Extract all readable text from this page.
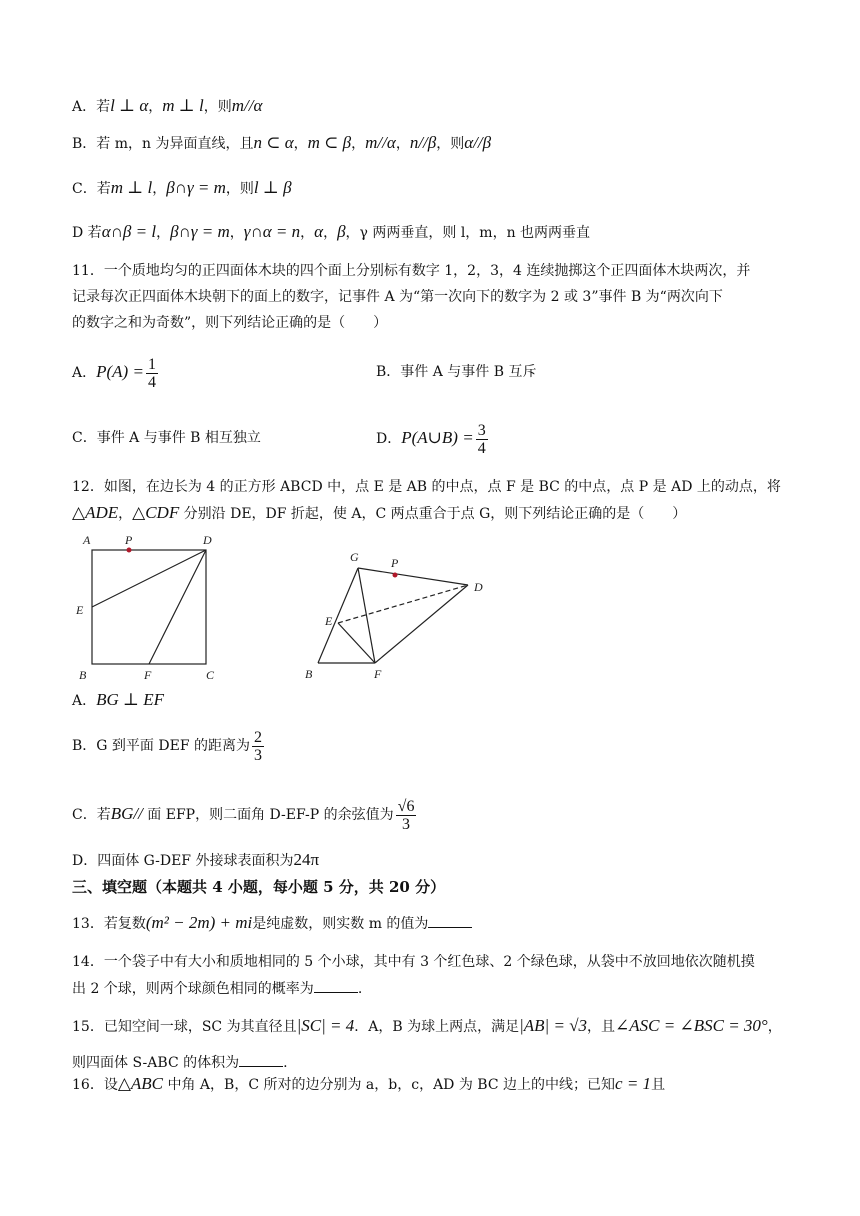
A．若l ⊥ α，m ⊥ l，则m//α
B．若 m，n 为异面直线，且n ⊂ α，m ⊂ β，m//α，n//β，则α//β
C．若m ⊥ l，β∩γ = m，则l ⊥ β
D 若α∩β = l，β∩γ = m，γ∩α = n，α，β，γ 两两垂直，则 l，m，n 也两两垂直
11．一个质地均匀的正四面体木块的四个面上分别标有数字 1，2，3，4 连续抛掷这个正四面体木块两次，并
记录每次正四面体木块朝下的面上的数字，记事件 A 为“第一次向下的数字为 2 或 3”事件 B 为“两次向下
的数字之和为奇数”，则下列结论正确的是（　　）
A．$P(A) = \frac{1}{4}$	B．事件 A 与事件 B 互斥
C．事件 A 与事件 B 相互独立	D．P(A∪B) = $\frac{3}{4}$
12．如图，在边长为 4 的正方形 ABCD 中，点 E 是 AB 的中点，点 F 是 BC 的中点，点 P 是 AD 上的动点，将
△ADE，△CDF 分别沿 DE，DF 折起，使 A，C 两点重合于点 G，则下列结论正确的是（　　）
A	P	D
E
B	F	C
G	P
D
E
B	F
A．BG ⊥ EF
B．G 到平面 DEF 的距离为 $\frac{2}{3}$
C．若BG// 面 EFP，则二面角 D-EF-P 的余弦值为 $\frac{√6}{3}$
D．四面体 G-DEF 外接球表面积为24π
三、填空题（本题共 4 小题，每小题 5 分，共 20 分）
13．若复数(m² − 2m) + mi是纯虚数，则实数 m 的值为
14．一个袋子中有大小和质地相同的 5 个小球，其中有 3 个红色球、2 个绿色球，从袋中不放回地依次随机摸
出 2 个球，则两个球颜色相同的概率为	.
15．已知空间一球，SC 为其直径且|SC| = 4．A，B 为球上两点，满足|AB| = √3，且∠ASC = ∠BSC = 30°，
则四面体 S-ABC 的体积为	.
16．设△ABC 中角 A，B，C 所对的边分别为 a，b，c，AD 为 BC 边上的中线；已知c = 1且
